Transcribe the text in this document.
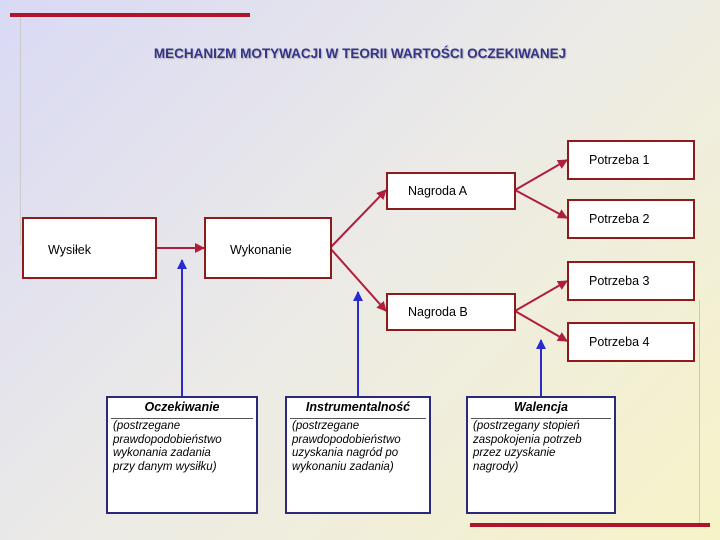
MECHANIZM MOTYWACJI W TEORII WARTOŚCI OCZEKIWANEJ
Wysiłek	Wykonanie
Nagroda A
Nagroda B
Potrzeba 1
Potrzeba 2
Potrzeba 3
Potrzeba 4
Oczekiwanie
(postrzegane
prawdopodobieństwo
wykonania zadania
przy danym wysiłku)
Instrumentalność
(postrzegane
prawdopodobieństwo
uzyskania nagród po
wykonaniu zadania)
Walencja
(postrzegany stopień
zaspokojenia potrzeb
przez uzyskanie
nagrody)
